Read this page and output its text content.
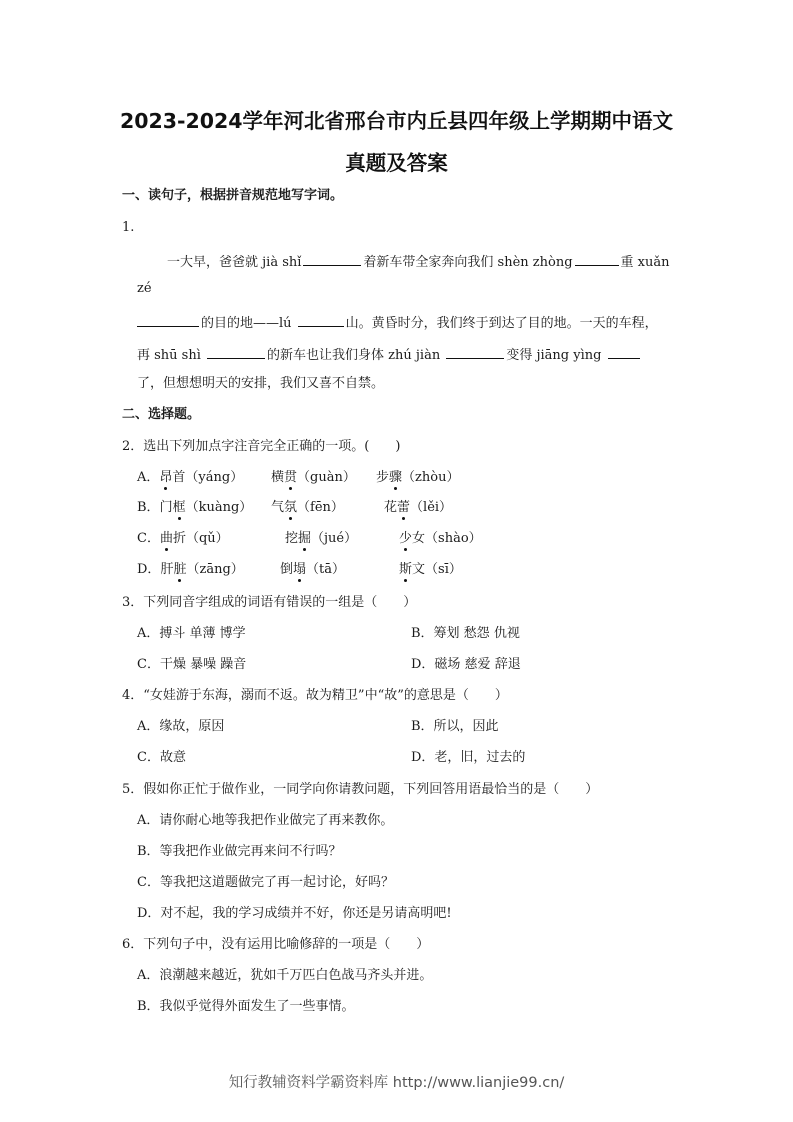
2023-2024学年河北省邢台市内丘县四年级上学期期中语文
真题及答案
一、读句子，根据拼音规范地写字词。
1.
一大早，爸爸就 jià shǐ	着新车带全家奔向我们 shèn zhòng	重 xuǎn
zé
的目的地——lú	山。黄昏时分，我们终于到达了目的地。一天的车程，
再 shū shì	的新车也让我们身体 zhú jiàn	变得 jiāng yìng
了，但想想明天的安排，我们又喜不自禁。
二、选择题。
2．选出下列加点字注音完全正确的一项。(　　)
A．昂首（yáng） 横贯（guàn） 步骤（zhòu）
B．门框（kuàng） 气氛（fēn）	花蕾（lěi）
C．曲折（qǔ）	挖掘（jué）	少女（shào）
D．肝脏（zāng）	倒塌（tā）	斯文（sī）
3．下列同音字组成的词语有错误的一组是（　　）
A．搏斗 单薄 博学	B．筹划 愁怨 仇视
C．干燥 暴噪 躁音	D．磁场 慈爱 辞退
4．“女娃游于东海，溺而不返。故为精卫”中“故”的意思是（　　）
A．缘故，原因	B．所以，因此
C．故意	D．老，旧，过去的
5．假如你正忙于做作业，一同学向你请教问题，下列回答用语最恰当的是（　　）
A．请你耐心地等我把作业做完了再来教你。
B．等我把作业做完再来问不行吗？
C．等我把这道题做完了再一起讨论，好吗？
D．对不起，我的学习成绩并不好，你还是另请高明吧!
6．下列句子中，没有运用比喻修辞的一项是（　　）
A．浪潮越来越近，犹如千万匹白色战马齐头并进。
B．我似乎觉得外面发生了一些事情。
知行教辅资料学霸资料库 http://www.lianjie99.cn/
